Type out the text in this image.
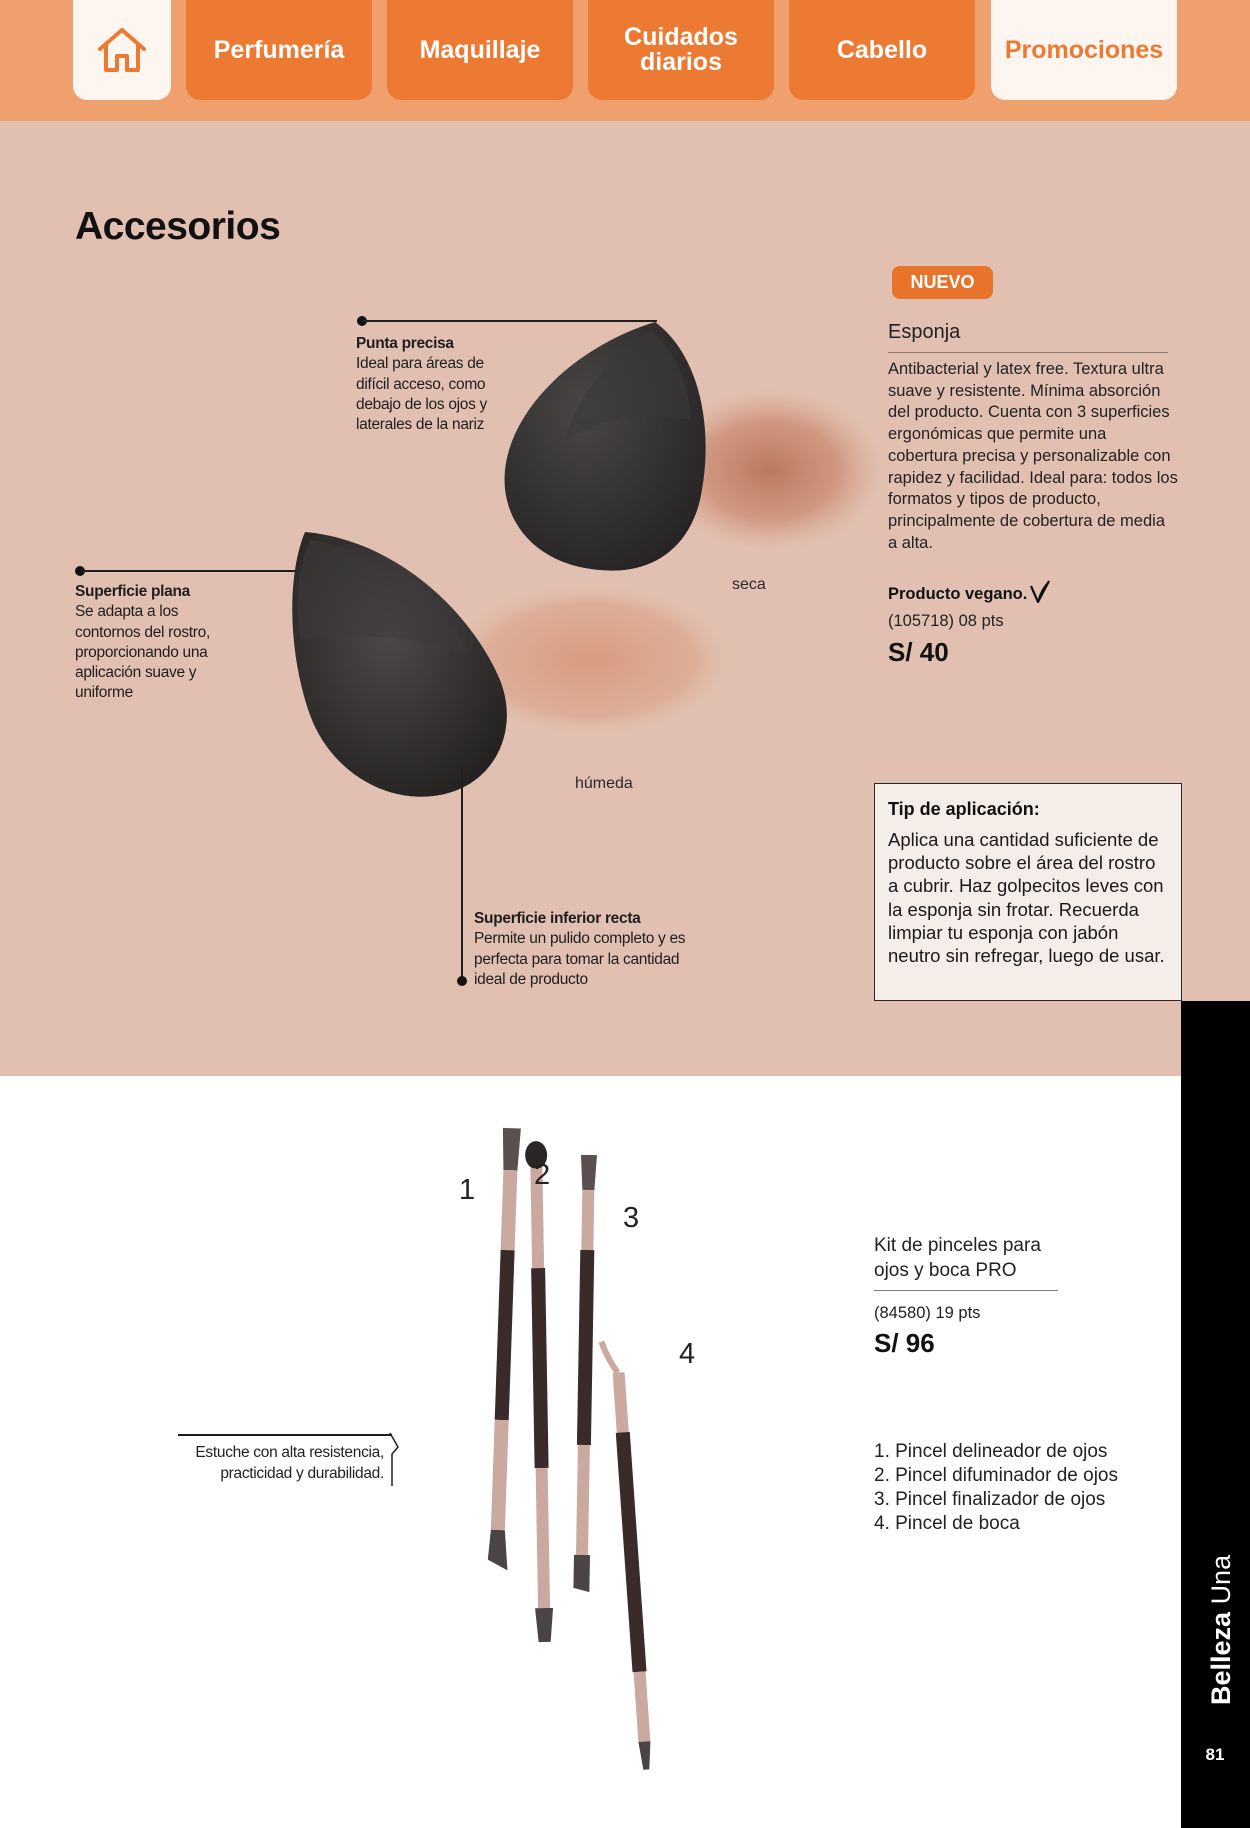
Perfumería	Maquillaje	Cuidados
diarios	Cabello	Promociones
Accesorios
Punta precisa
Ideal para áreas de difícil acceso, como debajo de los ojos y laterales de la nariz
Superficie plana
Se adapta a los contornos del rostro, proporcionando una aplicación suave y uniforme
Superficie inferior recta
Permite un pulido completo y es perfecta para tomar la cantidad ideal de producto
seca
húmeda
NUEVO
Esponja

Antibacterial y latex free. Textura ultra suave y resistente. Mínima absorción del producto. Cuenta con 3 superficies ergonómicas que permite una cobertura precisa y personalizable con rapidez y facilidad. Ideal para: todos los formatos y tipos de producto, principalmente de cobertura de media a alta.

Producto vegano.
(105718) 08 pts
S/ 40
Tip de aplicación:
Aplica una cantidad suficiente de producto sobre el área del rostro a cubrir. Haz golpecitos leves con la esponja sin frotar. Recuerda limpiar tu esponja con jabón neutro sin refregar, luego de usar.
Belleza Una
81
1 2
3
4

Estuche con alta resistencia, practicidad y durabilidad.

Kit de pinceles para ojos y boca PRO
(84580) 19 pts
S/ 96
1. Pincel delineador de ojos
2. Pincel difuminador de ojos
3. Pincel finalizador de ojos
4. Pincel de boca
